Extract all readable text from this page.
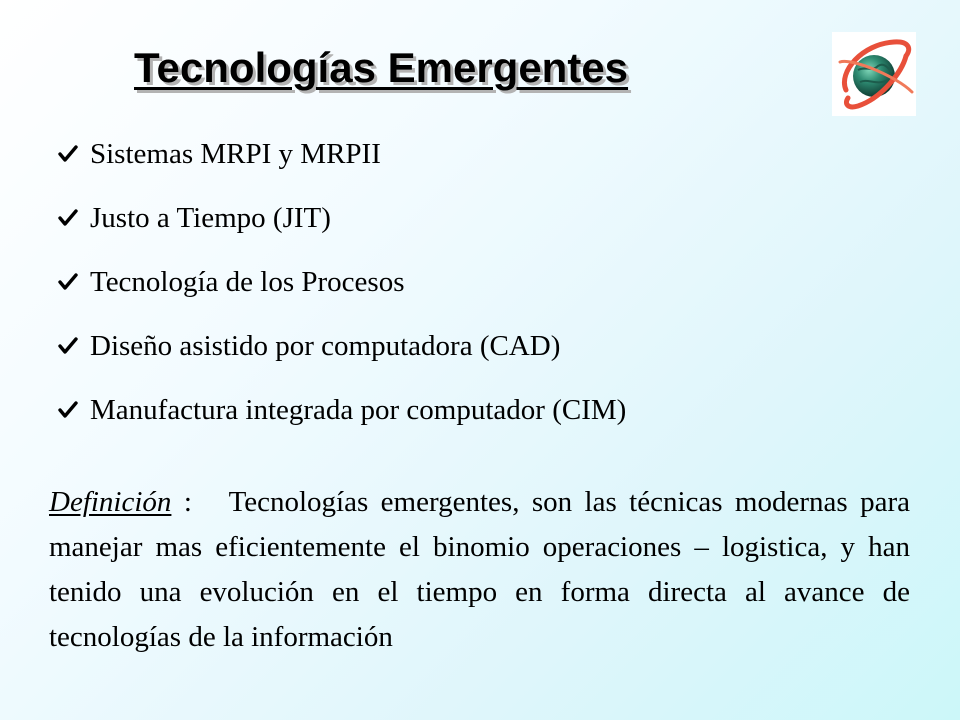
Tecnologías Emergentes
Sistemas MRPI y MRPII
Justo a Tiempo (JIT)
Tecnología de los Procesos
Diseño asistido por computadora (CAD)
Manufactura integrada por computador (CIM)

Definición :   Tecnologías emergentes, son las técnicas modernas para manejar mas eficientemente el binomio operaciones – logistica, y han tenido una evolución en el tiempo en forma directa al avance de tecnologías de la información
